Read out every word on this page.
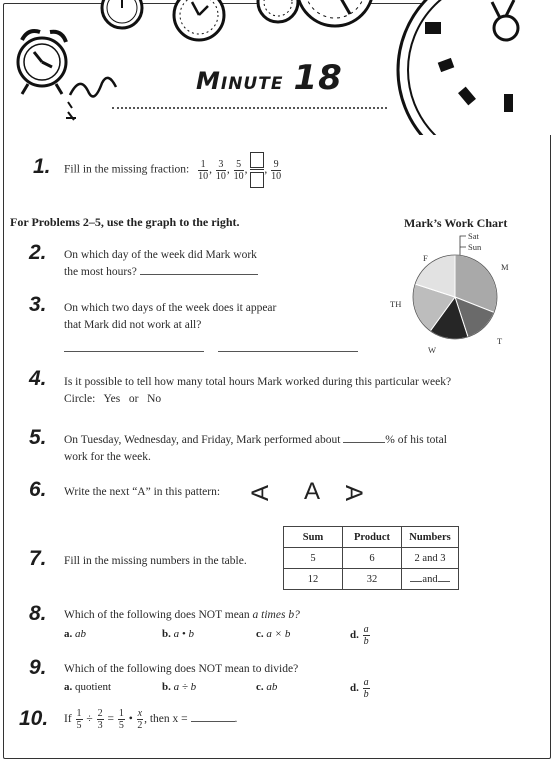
Minute 18
1. Fill in the missing fraction: $\frac{1}{10}$ , $\frac{3}{10}$ , $\frac{5}{10}$ ,
, $\frac{9}{10}$
For Problems 2–5, use the graph to the right.	Mark’s Work Chart
Sat
Sun
M
T
W
TH
F
2. On which day of the week did Mark work
the most hours?
3. On which two days of the week does it appear
that Mark did not work at all?
4. Is it possible to tell how many total hours Mark worked during this particular week?
Circle: Yes or No
5. On Tuesday, Wednesday, and Friday, Mark performed about	% of his total
work for the week.
6. Write the next “A” in this pattern: A A A
7. Fill in the missing numbers in the table.
Sum	Product	Numbers
5	6	2 and 3
12	32	and
8. Which of the following does NOT mean a times b?
a. ab	b. a • b	c. a × b	d. $\frac{a}{b}$
9. Which of the following does NOT mean to divide?
a. quotient	b. a ÷ b	c. ab	d. $\frac{a}{b}$
10. If $\frac{1}{5} \div \frac{2}{3} = \frac{1}{5}$ • $\frac{x}{2}$ , then x =	.
